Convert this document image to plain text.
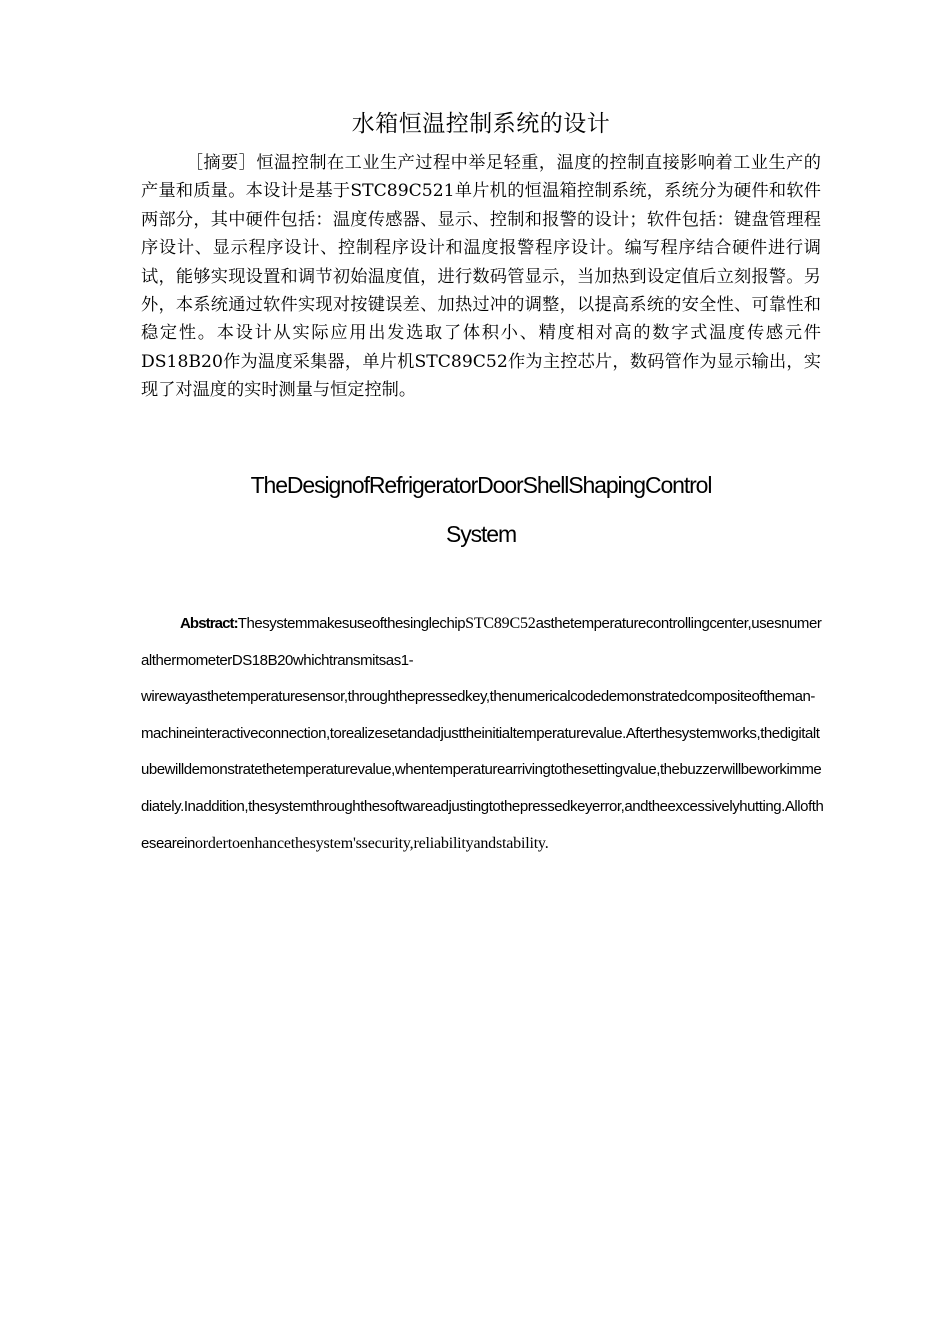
水箱恒温控制系统的设计
［摘要］恒温控制在工业生产过程中举足轻重，温度的控制直接影响着工业生产的产量和质量。本设计是基于STC89C521单片机的恒温箱控制系统，系统分为硬件和软件两部分，其中硬件包括：温度传感器、显示、控制和报警的设计；软件包括：键盘管理程序设计、显示程序设计、控制程序设计和温度报警程序设计。编写程序结合硬件进行调试，能够实现设置和调节初始温度值，进行数码管显示，当加热到设定值后立刻报警。另外，本系统通过软件实现对按键误差、加热过冲的调整，以提高系统的安全性、可靠性和稳定性。本设计从实际应用出发选取了体积小、精度相对高的数字式温度传感元件DS18B20作为温度采集器，单片机STC89C52作为主控芯片，数码管作为显示输出，实现了对温度的实时测量与恒定控制。
TheDesignofRefrigeratorDoorShellShapingControl
System
Abstract:ThesystemmakesuseofthesinglechipSTC89C52asthetemperaturecontrollingcenter,usesnumeralthermometerDS18B20whichtransmitsas1-
wirewayasthetemperaturesensor,throughthepressedkey,thenumericalcodedemonstratedcompositeoftheman-
machineinteractiveconnection,torealizesetandadjusttheinitialtemperaturevalue.Afterthesystemworks,thedigitaltubewilldemonstratethetemperaturevalue,whentemperaturearrivingtothesettingvalue,thebuzzerwillbeworkimmediately.Inaddition,thesystemthroughthesoftwareadjustingtothepressedkeyerror,andtheexcessivelyhutting.Alloftheseareinordertoenhancethesystem'ssecurity,reliabilityandstability.
